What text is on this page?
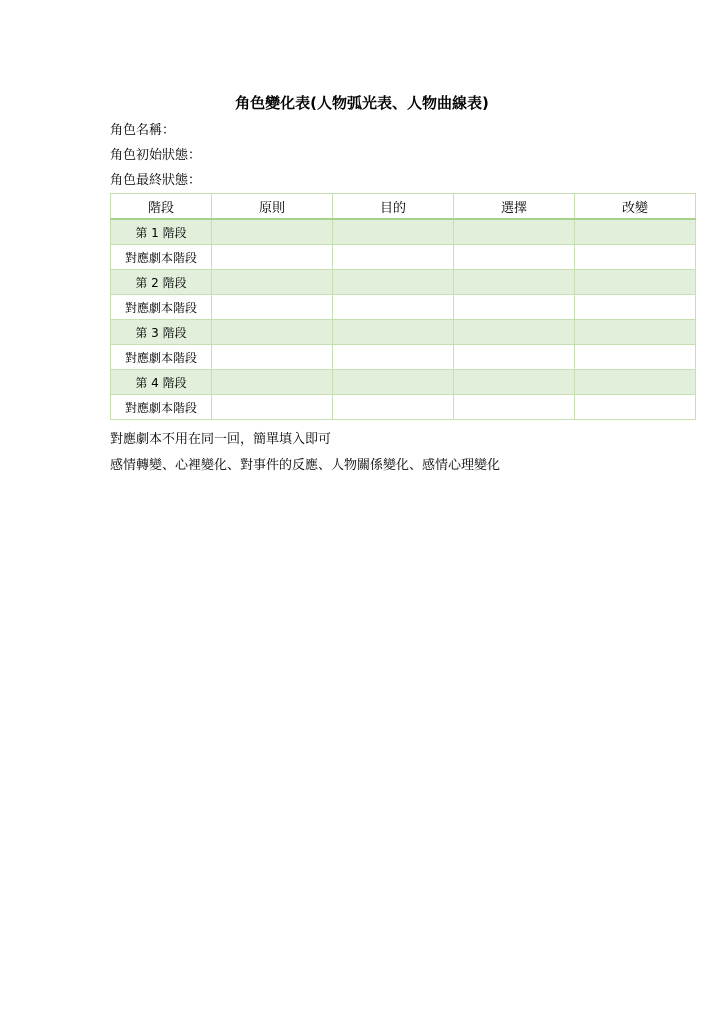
角色變化表(人物弧光表、人物曲線表)
角色名稱：
角色初始狀態：
角色最終狀態：
階段	原則	目的	選擇	改變
第 1 階段				
對應劇本階段				
第 2 階段				
對應劇本階段				
第 3 階段				
對應劇本階段				
第 4 階段				
對應劇本階段				
對應劇本不用在同一回，簡單填入即可
感情轉變、心裡變化、對事件的反應、人物關係變化、感情心理變化
